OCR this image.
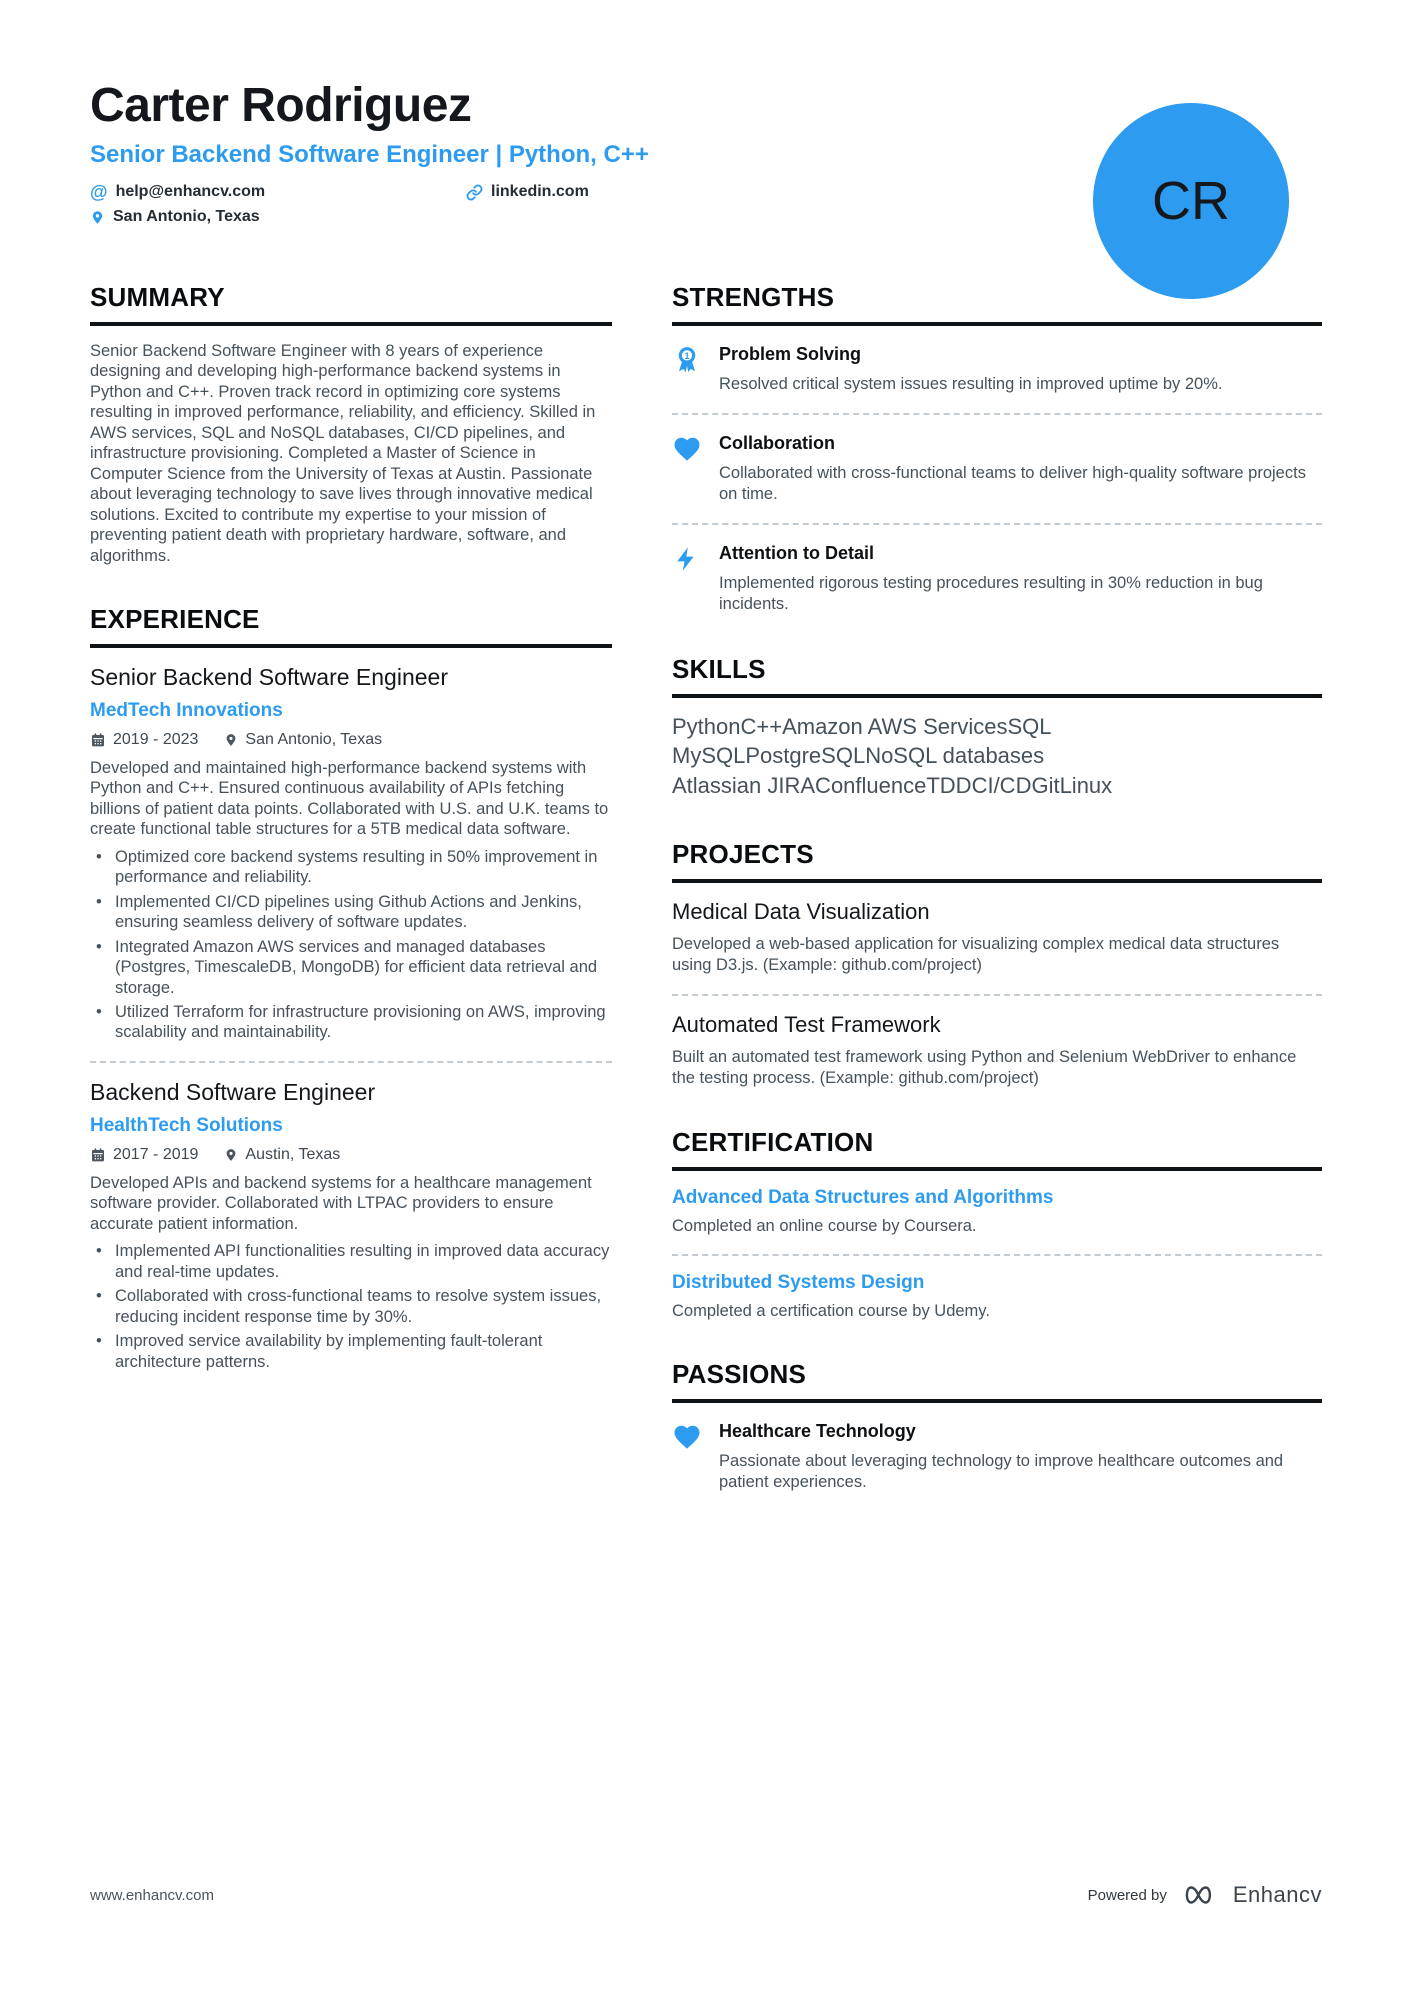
Carter Rodriguez
Senior Backend Software Engineer | Python, C++
@ help@enhancv.com	linkedin.com
San Antonio, Texas	CR
SUMMARY

Senior Backend Software Engineer with 8 years of experience designing and developing high-performance backend systems in Python and C++. Proven track record in optimizing core systems resulting in improved performance, reliability, and efficiency. Skilled in AWS services, SQL and NoSQL databases, CI/CD pipelines, and infrastructure provisioning. Completed a Master of Science in Computer Science from the University of Texas at Austin. Passionate about leveraging technology to save lives through innovative medical solutions. Excited to contribute my expertise to your mission of preventing patient death with proprietary hardware, software, and algorithms.

EXPERIENCE
Senior Backend Software Engineer
MedTech Innovations
2019 - 2023	San Antonio, Texas

Developed and maintained high-performance backend systems with Python and C++. Ensured continuous availability of APIs fetching billions of patient data points. Collaborated with U.S. and U.K. teams to create functional table structures for a 5TB medical data software.

• Optimized core backend systems resulting in 50% improvement in performance and reliability.
• Implemented CI/CD pipelines using Github Actions and Jenkins, ensuring seamless delivery of software updates.
• Integrated Amazon AWS services and managed databases (Postgres, TimescaleDB, MongoDB) for efficient data retrieval and storage.
• Utilized Terraform for infrastructure provisioning on AWS, improving scalability and maintainability.
Backend Software Engineer
HealthTech Solutions
2017 - 2019	Austin, Texas

Developed APIs and backend systems for a healthcare management software provider. Collaborated with LTPAC providers to ensure accurate patient information.

• Implemented API functionalities resulting in improved data accuracy and real-time updates.
• Collaborated with cross-functional teams to resolve system issues, reducing incident response time by 30%.
• Improved service availability by implementing fault-tolerant architecture patterns.
STRENGTHS
1 Problem Solving
Resolved critical system issues resulting in improved uptime by 20%.
Collaboration
Collaborated with cross-functional teams to deliver high-quality software projects on time.
Attention to Detail
Implemented rigorous testing procedures resulting in 30% reduction in bug incidents.
SKILLS
PythonC++Amazon AWS ServicesSQL
MySQLPostgreSQLNoSQL databases
Atlassian JIRAConfluenceTDDCI/CDGitLinux
PROJECTS
Medical Data Visualization

Developed a web-based application for visualizing complex medical data structures using D3.js. (Example: github.com/project)

Automated Test Framework

Built an automated test framework using Python and Selenium WebDriver to enhance the testing process. (Example: github.com/project)

CERTIFICATION
Advanced Data Structures and Algorithms
Completed an online course by Coursera.
Distributed Systems Design
Completed a certification course by Udemy.
PASSIONS
Healthcare Technology
Passionate about leveraging technology to improve healthcare outcomes and patient experiences.
www.enhancv.com	Powered by	Enhancv
